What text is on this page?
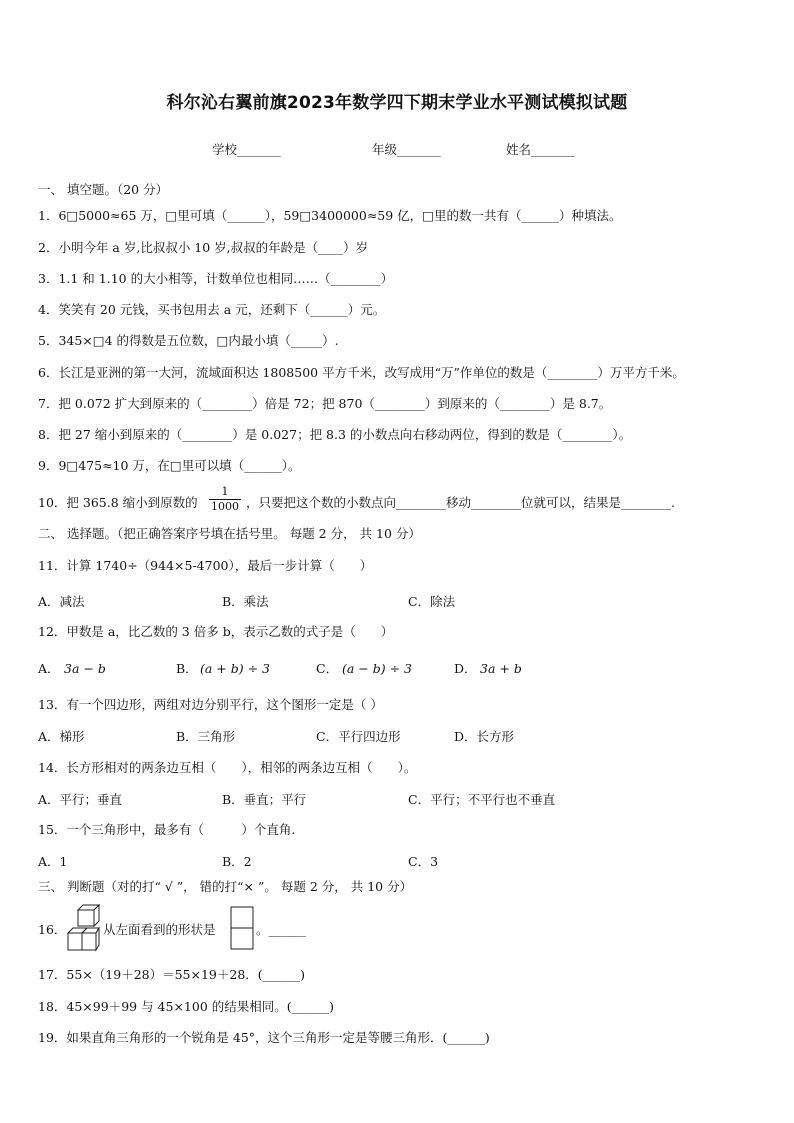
科尔沁右翼前旗2023年数学四下期末学业水平测试模拟试题
学校_______	年级_______	姓名_______
一、 填空题。（20 分）
1．6□5000≈65 万，□里可填（______），59□3400000≈59 亿，□里的数一共有（______）种填法。
2．小明今年 a 岁,比叔叔小 10 岁,叔叔的年龄是（____）岁
3．1.1 和 1.10 的大小相等，计数单位也相同……（________）
4．笑笑有 20 元钱，买书包用去 a 元，还剩下（______）元。
5．345×□4 的得数是五位数，□内最小填（_____）.
6．长江是亚洲的第一大河，流域面积达 1808500 平方千米，改写成用“万”作单位的数是（________）万平方千米。
7．把 0.072 扩大到原来的（________）倍是 72；把 870（________）到原来的（________）是 8.7。
8．把 27 缩小到原来的（________）是 0.027；把 8.3 的小数点向右移动两位，得到的数是（________）。
9．9□475≈10 万，在□里可以填（______）。
10．把 365.8 缩小到原数的
1
1000 ，只要把这个数的小数点向________移动________位就可以，结果是________.
二、 选择题。（把正确答案序号填在括号里。 每题 2 分， 共 10 分）
11．计算 1740÷（944×5-4700），最后一步计算（　　）
A．减法	B．乘法	C．除法
12．甲数是 a，比乙数的 3 倍多 b，表示乙数的式子是（　　）
A． 3a − b	B． (a + b) ÷ 3	C． (a − b) ÷ 3	D． 3a + b
13．有一个四边形，两组对边分别平行，这个图形一定是（ ）
A．梯形	B．三角形	C．平行四边形	D．长方形
14．长方形相对的两条边互相（　　），相邻的两条边互相（　　）。
A．平行；垂直	B．垂直；平行	C．平行；不平行也不垂直
15．一个三角形中，最多有（　　　）个直角.
A．1	B．2	C．3
三、 判断题（对的打“ √ ”， 错的打“× ”。 每题 2 分， 共 10 分）
16．	从左面看到的形状是	。______
17．55×（19＋28）＝55×19＋28．(______)
18．45×99＋99 与 45×100 的结果相同。(______)
19．如果直角三角形的一个锐角是 45°，这个三角形一定是等腰三角形．(______)
